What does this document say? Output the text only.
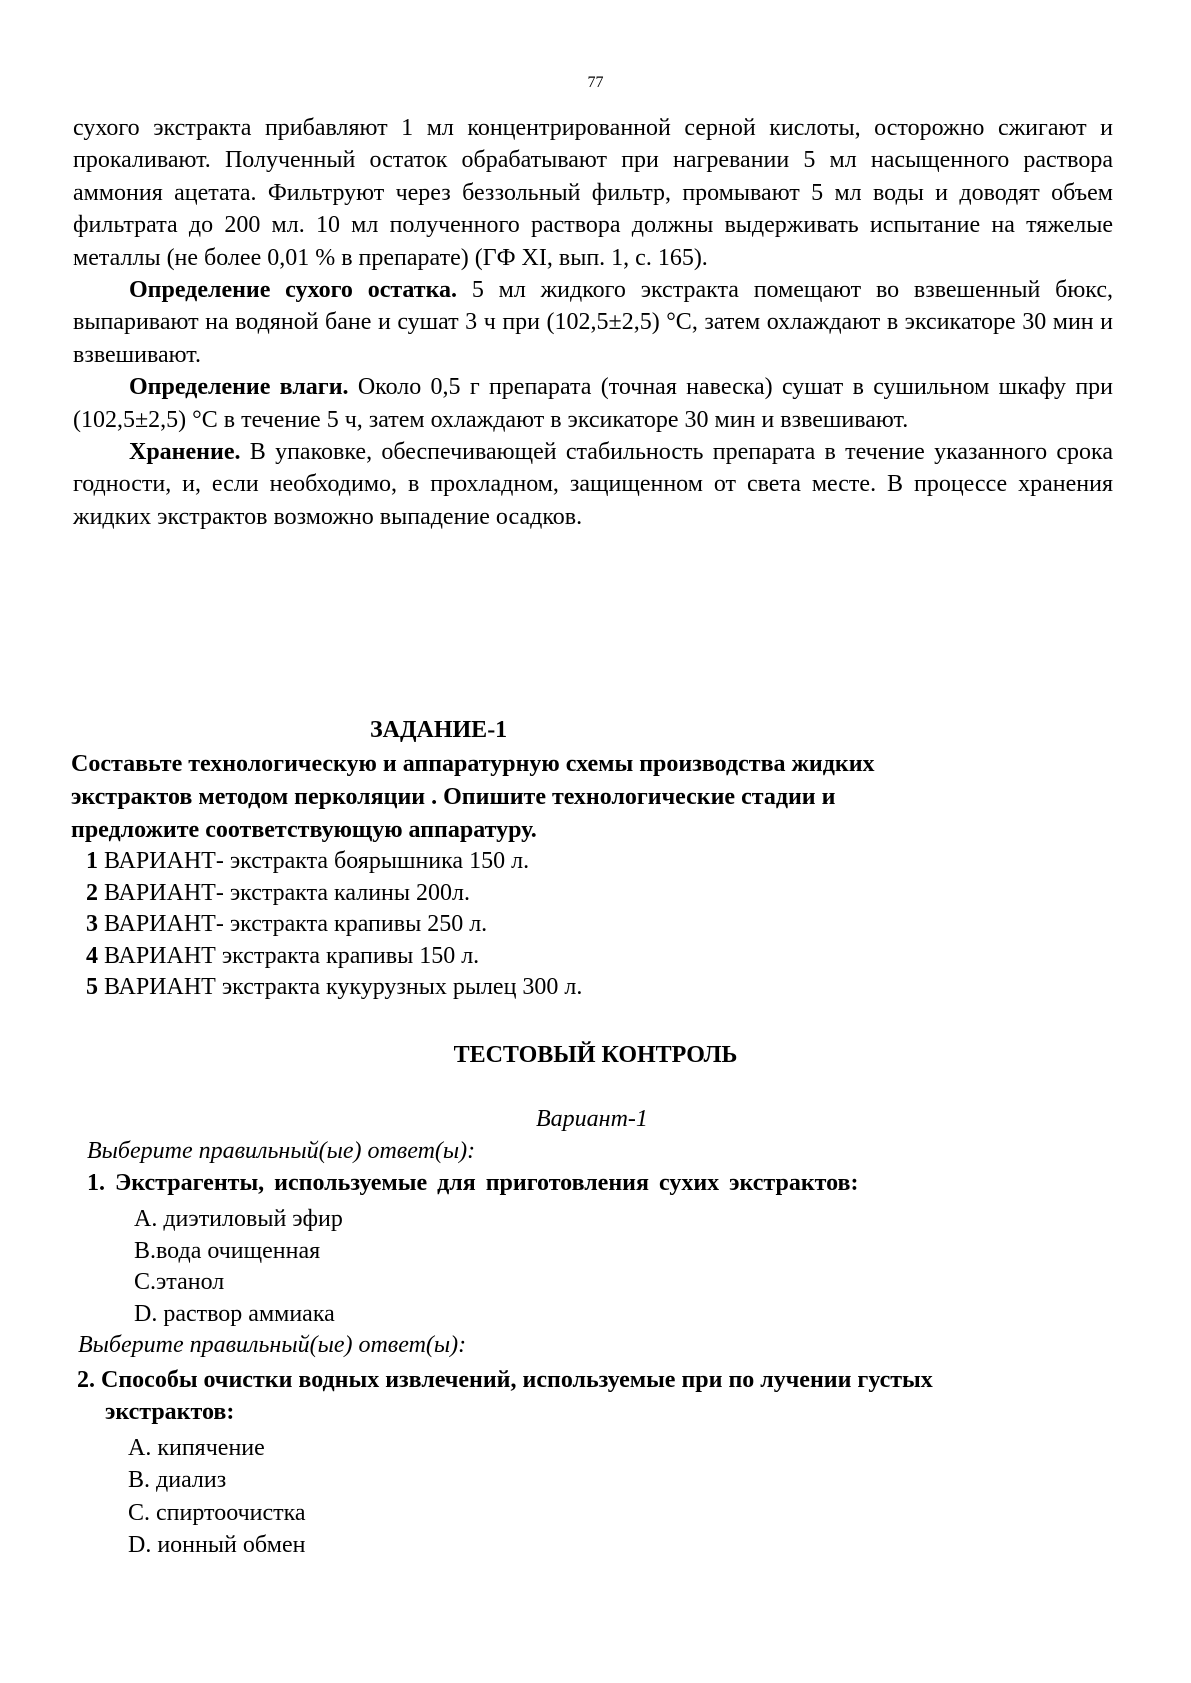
77

сухого экстракта прибавляют 1 мл концентрированной серной кислоты, осторожно сжигают и прокаливают. Полученный остаток обрабатывают при нагревании 5 мл насыщенного раствора аммония ацетата. Фильтруют через беззольный фильтр, промывают 5 мл воды и доводят объем фильтрата до 200 мл. 10 мл полученного раствора должны выдерживать испытание на тяжелые металлы (не более 0,01 % в препарате) (ГФ XI, вып. 1, с. 165).

Определение сухого остатка. 5 мл жидкого экстракта помещают во взвешенный бюкс, выпаривают на водяной бане и сушат 3 ч при (102,5±2,5) °С, затем охлаждают в эксикаторе 30 мин и взвешивают.

Определение влаги. Около 0,5 г препарата (точная навеска) сушат в сушильном шкафу при (102,5±2,5) °С в течение 5 ч, затем охлаждают в эксикаторе 30 мин и взвешивают.

Хранение. В упаковке, обеспечивающей стабильность препарата в течение указанного срока годности, и, если необходимо, в прохладном, защищенном от света месте. В процессе хранения жидких экстрактов возможно выпадение осадков.

ЗАДАНИЕ-1
Составьте технологическую и аппаратурную схемы производства жидких
экстрактов методом перколяции . Опишите технологические стадии и
предложите соответствующую аппаратуру.
1 ВАРИАНТ- экстракта боярышника 150 л.
2 ВАРИАНТ- экстракта калины 200л.
3 ВАРИАНТ- экстракта крапивы 250 л.
4 ВАРИАНТ экстракта крапивы 150 л.
5 ВАРИАНТ экстракта кукурузных рылец 300 л.
ТЕСТОВЫЙ КОНТРОЛЬ
Вариант-1
Выберите правильный(ые) ответ(ы):
1. Экстрагенты, используемые для приготовления сухих экстрактов:
А. диэтиловый эфир
В.вода очищенная
С.этанол
D. раствор аммиака
Выберите правильный(ые) ответ(ы):
2. Способы очистки водных извлечений, используемые при по лучении густых
экстрактов:
А. кипячение
В. диализ
С. спиртоочистка
D. ионный обмен
